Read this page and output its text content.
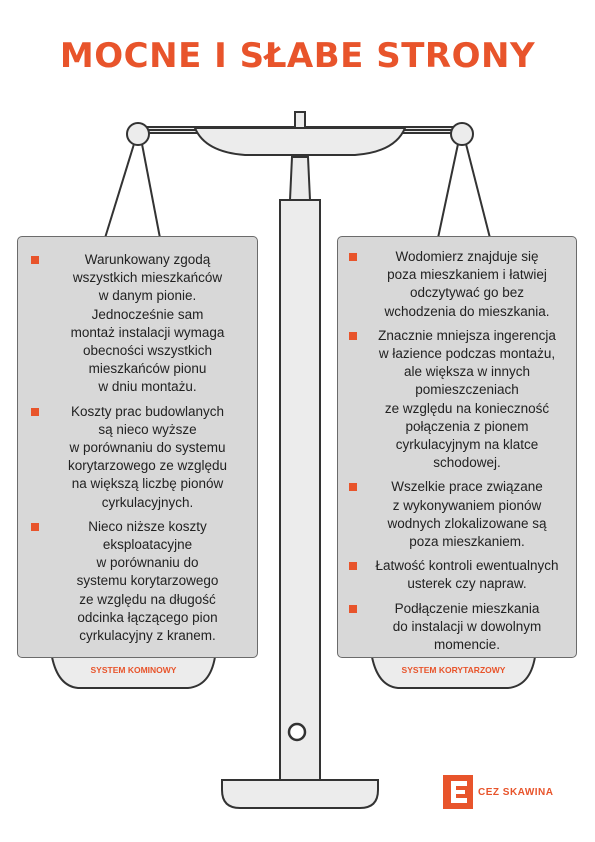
MOCNE I SŁABE STRONY
Warunkowany zgodą
wszystkich mieszkańców
w danym pionie.
Jednocześnie sam
montaż instalacji wymaga
obecności wszystkich
mieszkańców pionu
w dniu montażu.
Koszty prac budowlanych
są nieco wyższe
w porównaniu do systemu
korytarzowego ze względu
na większą liczbę pionów
cyrkulacyjnych.
Nieco niższe koszty
eksploatacyjne
w porównaniu do
systemu korytarzowego
ze względu na długość
odcinka łączącego pion
cyrkulacyjny z kranem.
Wodomierz znajduje się
poza mieszkaniem i łatwiej
odczytywać go bez
wchodzenia do mieszkania.
Znacznie mniejsza ingerencja
w łazience podczas montażu,
ale większa w innych
pomieszczeniach
ze względu na konieczność
połączenia z pionem
cyrkulacyjnym na klatce
schodowej.
Wszelkie prace związane
z wykonywaniem pionów
wodnych zlokalizowane są
poza mieszkaniem.
Łatwość kontroli ewentualnych
usterek czy napraw.
Podłączenie mieszkania
do instalacji w dowolnym
momencie.
SYSTEM KOMINOWY	SYSTEM KORYTARZOWY
CEZ SKAWINA
